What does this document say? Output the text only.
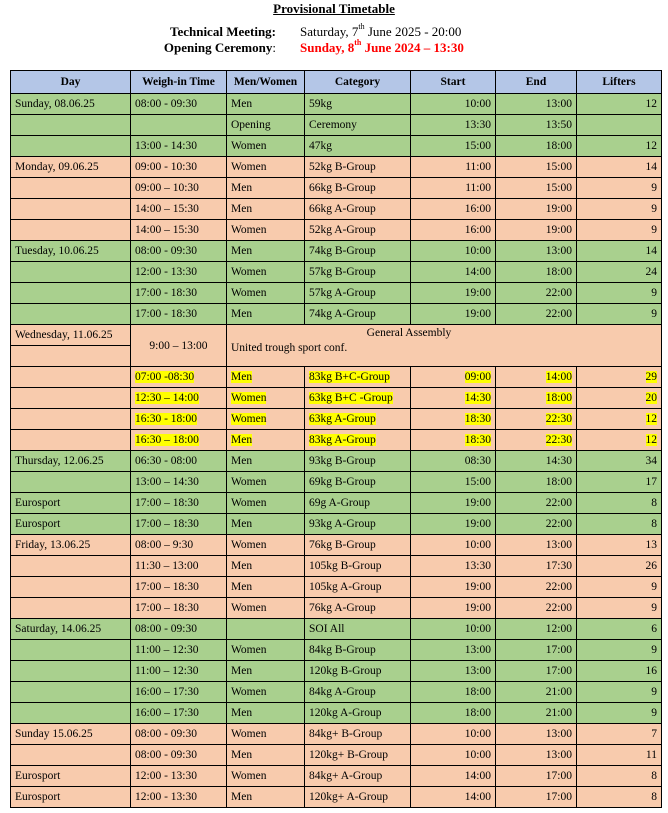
Provisional Timetable
Technical Meeting: Saturday, 7th June 2025 - 20:00
Opening Ceremony: Sunday, 8th June 2024 – 13:30
Day	Weigh-in Time	Men/Women	Category	Start	End	Lifters
Sunday, 08.06.25	08:00 - 09:30	Men	59kg	10:00	13:00	12
		Opening	Ceremony	13:30	13:50	
	13:00 - 14:30	Women	47kg	15:00	18:00	12
Monday, 09.06.25	09:00 - 10:30	Women	52kg B-Group	11:00	15:00	14
	09:00 – 10:30	Men	66kg B-Group	11:00	15:00	9
	14:00 – 15:30	Men	66kg A-Group	16:00	19:00	9
	14:00 – 15:30	Women	52kg A-Group	16:00	19:00	9
Tuesday, 10.06.25	08:00 - 09:30	Men	74kg B-Group	10:00	13:00	14
	12:00 - 13:30	Women	57kg B-Group	14:00	18:00	24
	17:00 - 18:30	Women	57kg A-Group	19:00	22:00	9
	17:00 - 18:30	Men	74kg A-Group	19:00	22:00	9
Wednesday, 11.06.25	9:00 – 13:00	General Assembly
United trough sport conf.				

	07:00 -08:30	Men	83kg B+C-Group	09:00	14:00	29
	12:30 – 14:00	Women	63kg B+C -Group	14:30	18:00	20
	16:30 - 18:00	Women	63kg A-Group	18:30	22:30	12
	16:30 – 18:00	Men	83kg A-Group	18:30	22:30	12
Thursday, 12.06.25	06:30 - 08:00	Men	93kg B-Group	08:30	14:30	34
	13:00 – 14:30	Women	69kg B-Group	15:00	18:00	17
Eurosport	17:00 – 18:30	Women	69g A-Group	19:00	22:00	8
Eurosport	17:00 – 18:30	Men	93kg A-Group	19:00	22:00	8
Friday, 13.06.25	08:00 – 9:30	Women	76kg B-Group	10:00	13:00	13
	11:30 – 13:00	Men	105kg B-Group	13:30	17:30	26
	17:00 – 18:30	Men	105kg A-Group	19:00	22:00	9
	17:00 – 18:30	Women	76kg A-Group	19:00	22:00	9
Saturday, 14.06.25	08:00 - 09:30		SOI All	10:00	12:00	6
	11:00 – 12:30	Women	84kg B-Group	13:00	17:00	9
	11:00 – 12:30	Men	120kg B-Group	13:00	17:00	16
	16:00 – 17:30	Women	84kg A-Group	18:00	21:00	9
	16:00 – 17:30	Men	120kg A-Group	18:00	21:00	9
Sunday 15.06.25	08:00 - 09:30	Women	84kg+ B-Group	10:00	13:00	7
	08:00 - 09:30	Men	120kg+ B-Group	10:00	13:00	11
Eurosport	12:00 - 13:30	Women	84kg+ A-Group	14:00	17:00	8
Eurosport	12:00 - 13:30	Men	120kg+ A-Group	14:00	17:00	8
